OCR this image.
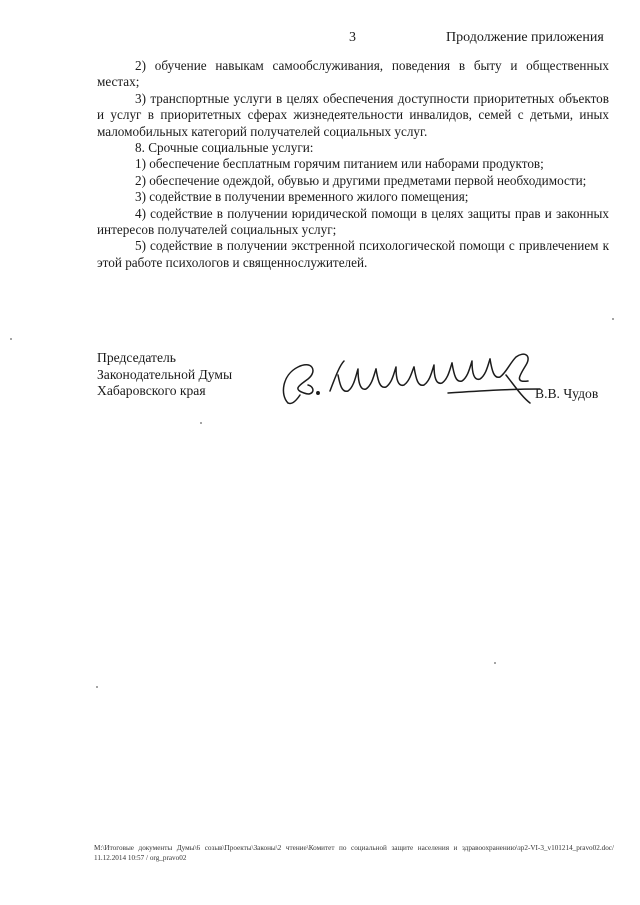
3	Продолжение приложения

2) обучение навыкам самообслуживания, поведения в быту и общественных местах;

3) транспортные услуги в целях обеспечения доступности приоритетных объектов и услуг в приоритетных сферах жизнедеятельности инвалидов, семей с детьми, иных маломобильных категорий получателей социальных услуг.

8. Срочные социальные услуги:

1) обеспечение бесплатным горячим питанием или наборами продуктов;

2) обеспечение одеждой, обувью и другими предметами первой необходимости;

3) содействие в получении временного жилого помещения;

4) содействие в получении юридической помощи в целях защиты прав и законных интересов получателей социальных услуг;

5) содействие в получении экстренной психологической помощи с привлечением к этой работе психологов и священнослужителей.

Председатель
Законодательной Думы
Хабаровского края	В.В. Чудов
M:\Итоговые документы Думы\6 созыв\Проекты\Законы\2 чтение\Комитет по социальной защите населения и здравоохранению\зр2-VI-3_v101214_pravo02.doc/ 11.12.2014 10:57 / org_pravo02
